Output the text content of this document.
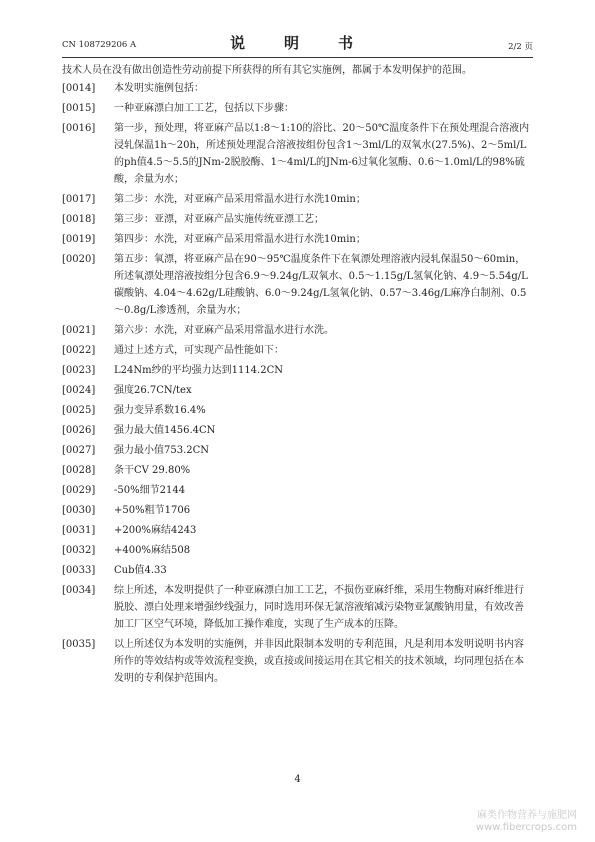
CN 108729206 A	说　明　书	2/2 页

技术人员在没有做出创造性劳动前提下所获得的所有其它实施例，都属于本发明保护的范围。

[0014]	本发明实施例包括：
[0015]	一种亚麻漂白加工工艺，包括以下步骤：
[0016]	第一步，预处理，将亚麻产品以1:8～1:10的浴比、20～50℃温度条件下在预处理混合溶液内浸轧保温1h～20h，所述预处理混合溶液按组份包含1～3ml/L的双氧水(27.5%)、2～5ml/L的ph值4.5～5.5的JNm-2脱胶酶、1～4ml/L的JNm-6过氧化氢酶、0.6～1.0ml/L的98%硫酸，余量为水；
[0017]	第二步：水洗，对亚麻产品采用常温水进行水洗10min；
[0018]	第三步：亚漂，对亚麻产品实施传统亚漂工艺；
[0019]	第四步：水洗，对亚麻产品采用常温水进行水洗10min；
[0020]	第五步：氧漂，将亚麻产品在90～95℃温度条件下在氧漂处理溶液内浸轧保温50～60min，所述氧漂处理溶液按组分包含6.9～9.24g/L双氧水、0.5～1.15g/L氢氧化钠、4.9～5.54g/L碳酸钠、4.04～4.62g/L硅酸钠、6.0～9.24g/L氢氧化钠、0.57～3.46g/L麻净白制剂、0.5～0.8g/L渗透剂，余量为水；
[0021]	第六步：水洗，对亚麻产品采用常温水进行水洗。
[0022]	通过上述方式，可实现产品性能如下：
[0023]	L24Nm纱的平均强力达到1114.2CN
[0024]	强度26.7CN/tex
[0025]	强力变异系数16.4%
[0026]	强力最大值1456.4CN
[0027]	强力最小值753.2CN
[0028]	条干CV 29.80%
[0029]	-50%细节2144
[0030]	+50%粗节1706
[0031]	+200%麻结4243
[0032]	+400%麻结508
[0033]	Cub值4.33
[0034]	综上所述，本发明提供了一种亚麻漂白加工工艺，不损伤亚麻纤维，采用生物酶对麻纤维进行脱胶、漂白处理来增强纱线强力，同时选用环保无氯溶液缩减污染物亚氯酸钠用量，有效改善加工厂区空气环境，降低加工操作难度，实现了生产成本的压降。
[0035]	以上所述仅为本发明的实施例，并非因此限制本发明的专利范围，凡是利用本发明说明书内容所作的等效结构或等效流程变换，或直接或间接运用在其它相关的技术领域，均同理包括在本发明的专利保护范围内。
4
麻类作物营养与施肥网
www.fibercrops.com
